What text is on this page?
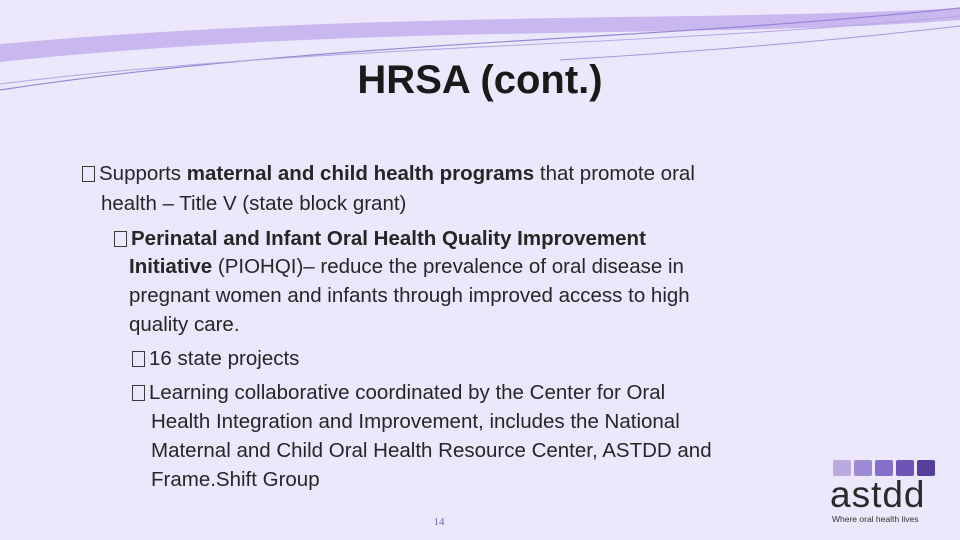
HRSA (cont.)
Supports maternal and child health programs that promote oral
health – Title V (state block grant)
Perinatal and Infant Oral Health Quality Improvement
Initiative (PIOHQI)– reduce the prevalence of oral disease in
pregnant women and infants through improved access to high
quality care.
16 state projects
Learning collaborative coordinated by the Center for Oral
Health Integration and Improvement, includes the National
Maternal and Child Oral Health Resource Center, ASTDD and
Frame.Shift Group
14
astdd
Where oral health lives
